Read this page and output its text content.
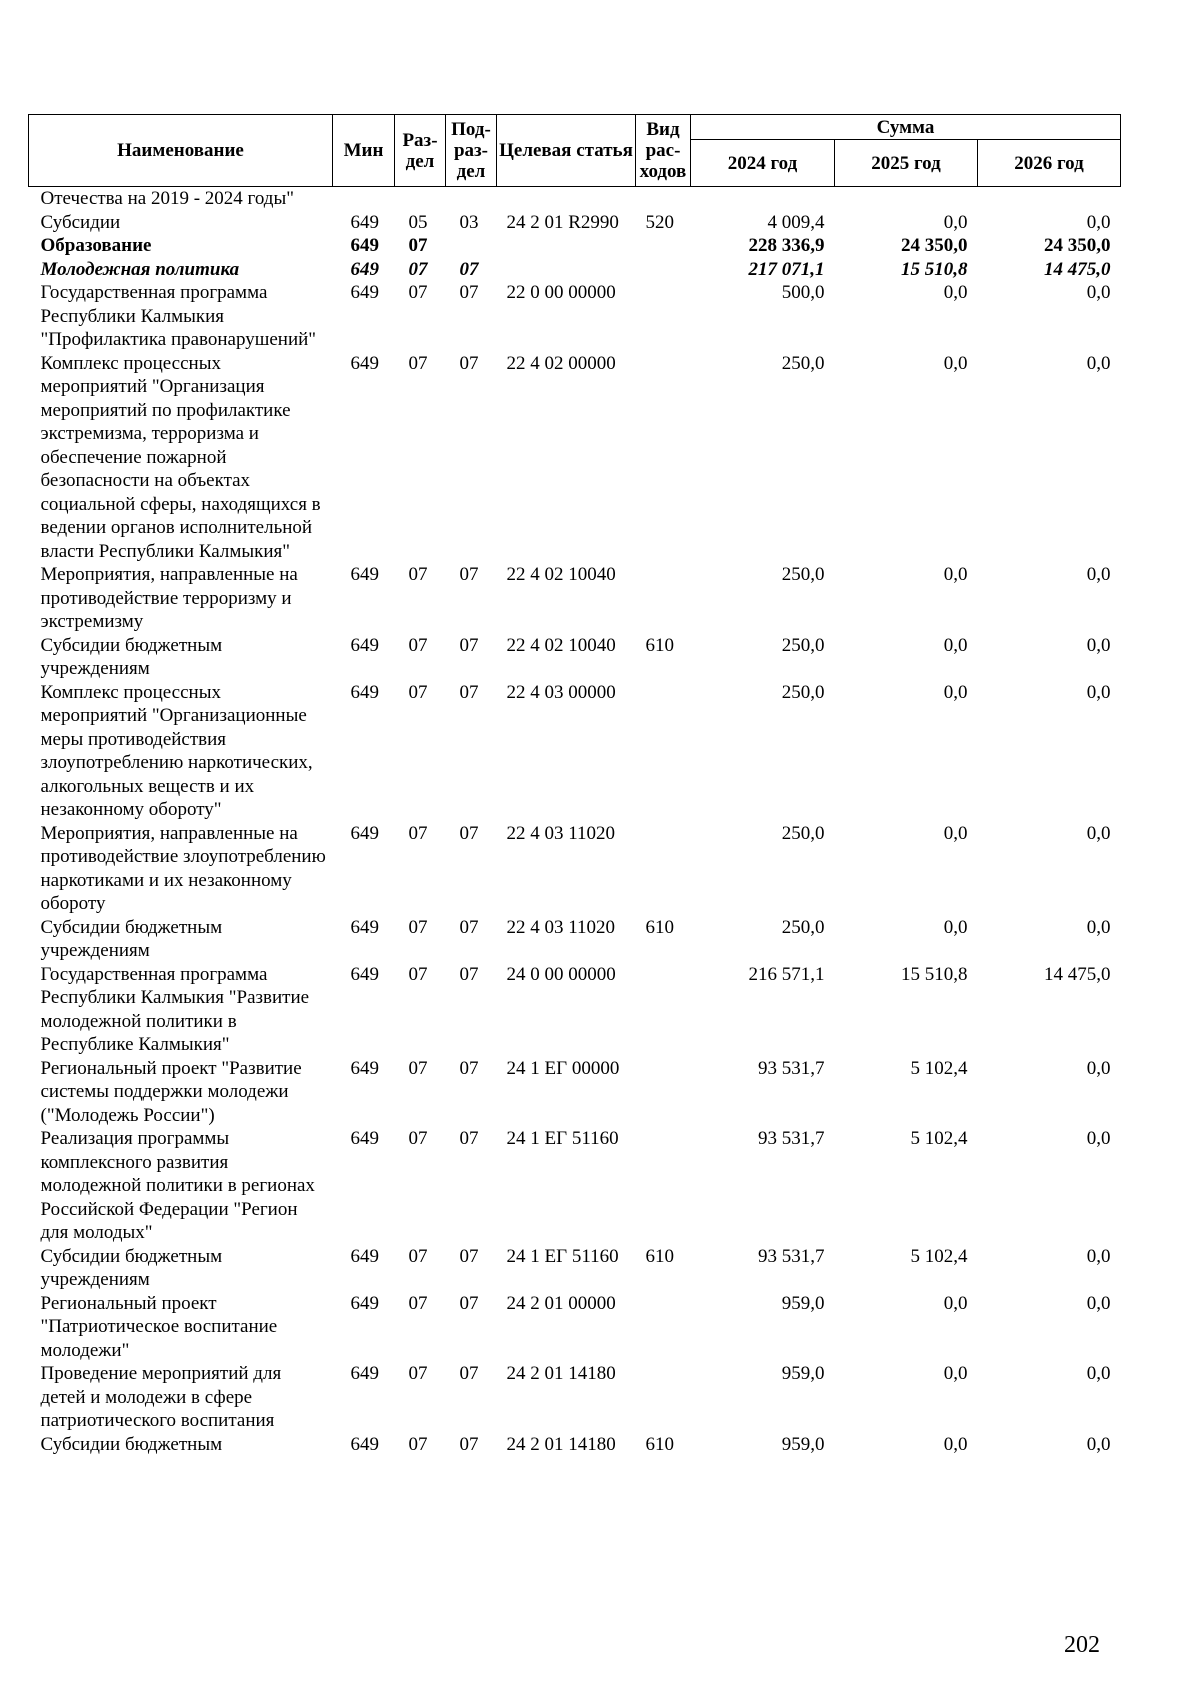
Наименование	Мин	Раз-дел	Под-раз-дел	Целевая статья	Вид рас-ходов	Сумма		
						2024 год	2025 год	2026 год
Отечества на 2019 - 2024 годы"								
Субсидии	649	05	03	24 2 01 R2990	520	4 009,4	0,0	0,0
Образование	649	07				228 336,9	24 350,0	24 350,0
Молодежная политика	649	07	07			217 071,1	15 510,8	14 475,0
Государственная программа Республики Калмыкия "Профилактика правонарушений"	649	07	07	22 0 00 00000		500,0	0,0	0,0
Комплекс процессных мероприятий "Организация мероприятий по профилактике экстремизма, терроризма и обеспечение пожарной безопасности на объектах социальной сферы, находящихся в ведении органов исполнительной власти Республики Калмыкия"	649	07	07	22 4 02 00000		250,0	0,0	0,0
Мероприятия, направленные на противодействие терроризму и экстремизму	649	07	07	22 4 02 10040		250,0	0,0	0,0
Субсидии бюджетным учреждениям	649	07	07	22 4 02 10040	610	250,0	0,0	0,0
Комплекс процессных мероприятий "Организационные меры противодействия злоупотреблению наркотических, алкогольных веществ и их незаконному обороту"	649	07	07	22 4 03 00000		250,0	0,0	0,0
Мероприятия, направленные на противодействие злоупотреблению наркотиками и их незаконному обороту	649	07	07	22 4 03 11020		250,0	0,0	0,0
Субсидии бюджетным учреждениям	649	07	07	22 4 03 11020	610	250,0	0,0	0,0
Государственная программа Республики Калмыкия "Развитие молодежной политики в Республике Калмыкия"	649	07	07	24 0 00 00000		216 571,1	15 510,8	14 475,0
Региональный проект "Развитие системы поддержки молодежи ("Молодежь России")	649	07	07	24 1 ЕГ 00000		93 531,7	5 102,4	0,0
Реализация программы комплексного развития молодежной политики в регионах Российской Федерации "Регион для молодых"	649	07	07	24 1 ЕГ 51160		93 531,7	5 102,4	0,0
Субсидии бюджетным учреждениям	649	07	07	24 1 ЕГ 51160	610	93 531,7	5 102,4	0,0
Региональный проект "Патриотическое воспитание молодежи"	649	07	07	24 2 01 00000		959,0	0,0	0,0
Проведение мероприятий для детей и молодежи в сфере патриотического воспитания	649	07	07	24 2 01 14180		959,0	0,0	0,0
Субсидии бюджетным	649	07	07	24 2 01 14180	610	959,0	0,0	0,0
202
